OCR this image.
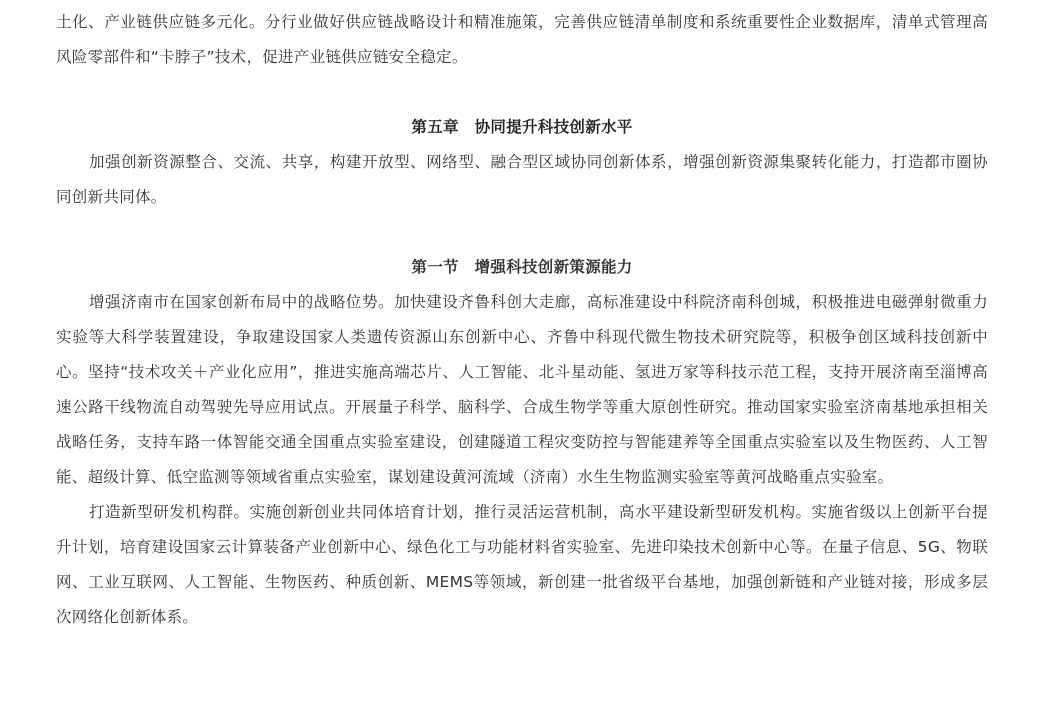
土化、产业链供应链多元化。分行业做好供应链战略设计和精准施策，完善供应链清单制度和系统重要性企业数据库，清单式管理高风险零部件和“卡脖子”技术，促进产业链供应链安全稳定。

第五章　协同提升科技创新水平

加强创新资源整合、交流、共享，构建开放型、网络型、融合型区域协同创新体系，增强创新资源集聚转化能力，打造都市圈协同创新共同体。

第一节　增强科技创新策源能力

增强济南市在国家创新布局中的战略位势。加快建设齐鲁科创大走廊，高标准建设中科院济南科创城，积极推进电磁弹射微重力实验等大科学装置建设，争取建设国家人类遗传资源山东创新中心、齐鲁中科现代微生物技术研究院等，积极争创区域科技创新中心。坚持“技术攻关＋产业化应用”，推进实施高端芯片、人工智能、北斗星动能、氢进万家等科技示范工程，支持开展济南至淄博高速公路干线物流自动驾驶先导应用试点。开展量子科学、脑科学、合成生物学等重大原创性研究。推动国家实验室济南基地承担相关战略任务，支持车路一体智能交通全国重点实验室建设，创建隧道工程灾变防控与智能建养等全国重点实验室以及生物医药、人工智能、超级计算、低空监测等领域省重点实验室，谋划建设黄河流域（济南）水生生物监测实验室等黄河战略重点实验室。

打造新型研发机构群。实施创新创业共同体培育计划，推行灵活运营机制，高水平建设新型研发机构。实施省级以上创新平台提升计划，培育建设国家云计算装备产业创新中心、绿色化工与功能材料省实验室、先进印染技术创新中心等。在量子信息、5G、物联网、工业互联网、人工智能、生物医药、种质创新、MEMS等领域，新创建一批省级平台基地，加强创新链和产业链对接，形成多层次网络化创新体系。
